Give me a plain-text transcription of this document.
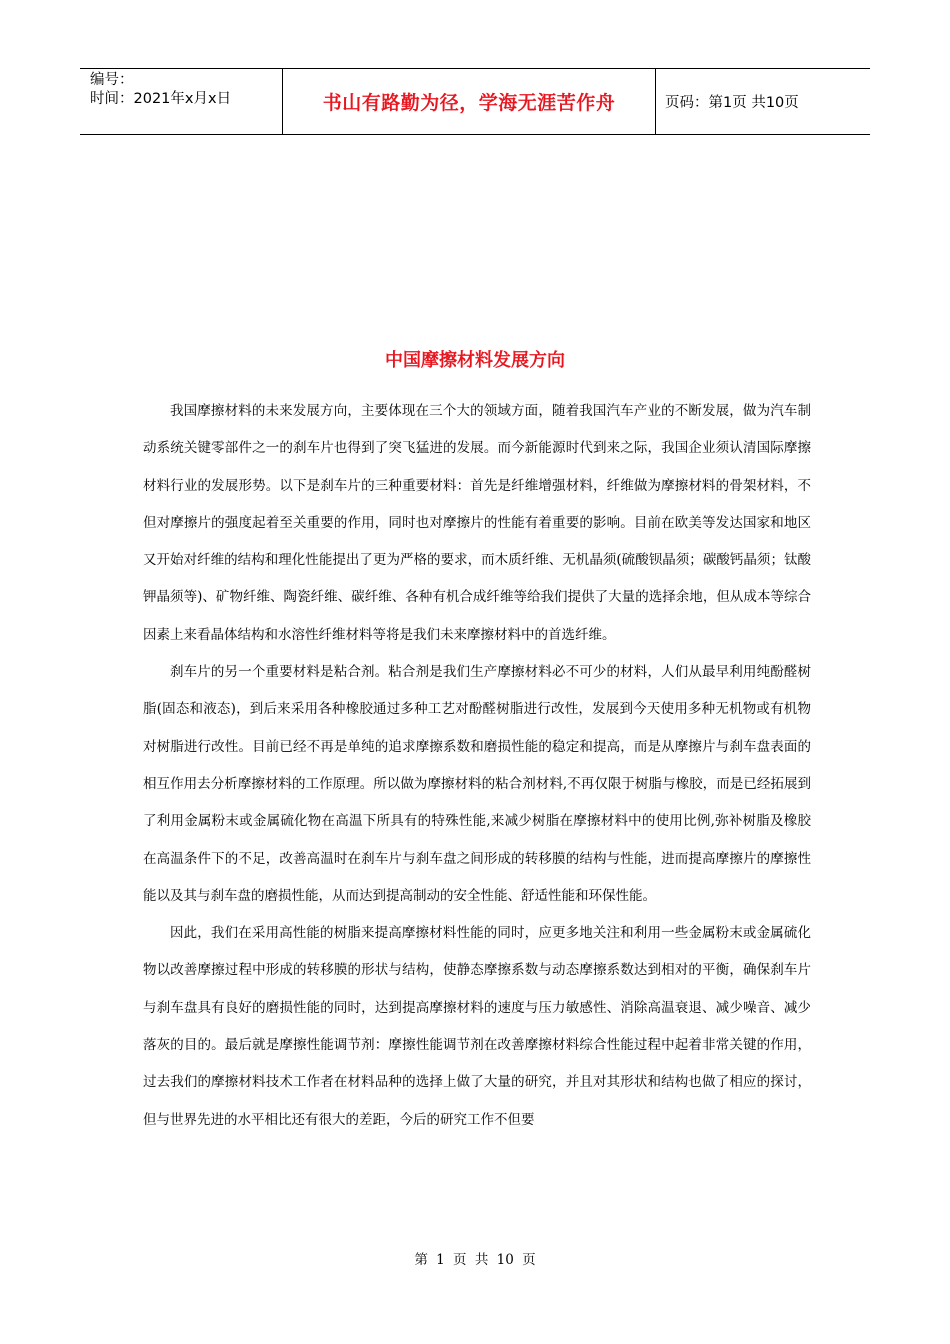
编号：
时间：2021年x月x日	书山有路勤为径，学海无涯苦作舟	页码：第1页 共10页
中国摩擦材料发展方向

我国摩擦材料的未来发展方向，主要体现在三个大的领域方面，随着我国汽车产业的不断发展，做为汽车制动系统关键零部件之一的刹车片也得到了突飞猛进的发展。而今新能源时代到来之际，我国企业须认清国际摩擦材料行业的发展形势。以下是刹车片的三种重要材料：首先是纤维增强材料，纤维做为摩擦材料的骨架材料，不但对摩擦片的强度起着至关重要的作用，同时也对摩擦片的性能有着重要的影响。目前在欧美等发达国家和地区又开始对纤维的结构和理化性能提出了更为严格的要求，而木质纤维、无机晶须(硫酸钡晶须；碳酸钙晶须；钛酸钾晶须等)、矿物纤维、陶瓷纤维、碳纤维、各种有机合成纤维等给我们提供了大量的选择余地，但从成本等综合因素上来看晶体结构和水溶性纤维材料等将是我们未来摩擦材料中的首选纤维。

刹车片的另一个重要材料是粘合剂。粘合剂是我们生产摩擦材料必不可少的材料，人们从最早利用纯酚醛树脂(固态和液态)，到后来采用各种橡胶通过多种工艺对酚醛树脂进行改性，发展到今天使用多种无机物或有机物对树脂进行改性。目前已经不再是单纯的追求摩擦系数和磨损性能的稳定和提高，而是从摩擦片与刹车盘表面的相互作用去分析摩擦材料的工作原理。所以做为摩擦材料的粘合剂材料,不再仅限于树脂与橡胶，而是已经拓展到了利用金属粉末或金属硫化物在高温下所具有的特殊性能,来减少树脂在摩擦材料中的使用比例,弥补树脂及橡胶在高温条件下的不足，改善高温时在刹车片与刹车盘之间形成的转移膜的结构与性能，进而提高摩擦片的摩擦性能以及其与刹车盘的磨损性能，从而达到提高制动的安全性能、舒适性能和环保性能。

因此，我们在采用高性能的树脂来提高摩擦材料性能的同时，应更多地关注和利用一些金属粉末或金属硫化物以改善摩擦过程中形成的转移膜的形状与结构，使静态摩擦系数与动态摩擦系数达到相对的平衡，确保刹车片与刹车盘具有良好的磨损性能的同时，达到提高摩擦材料的速度与压力敏感性、消除高温衰退、减少噪音、减少落灰的目的。最后就是摩擦性能调节剂：摩擦性能调节剂在改善摩擦材料综合性能过程中起着非常关键的作用，过去我们的摩擦材料技术工作者在材料品种的选择上做了大量的研究，并且对其形状和结构也做了相应的探讨，但与世界先进的水平相比还有很大的差距，今后的研究工作不但要

第 1 页 共 10 页
